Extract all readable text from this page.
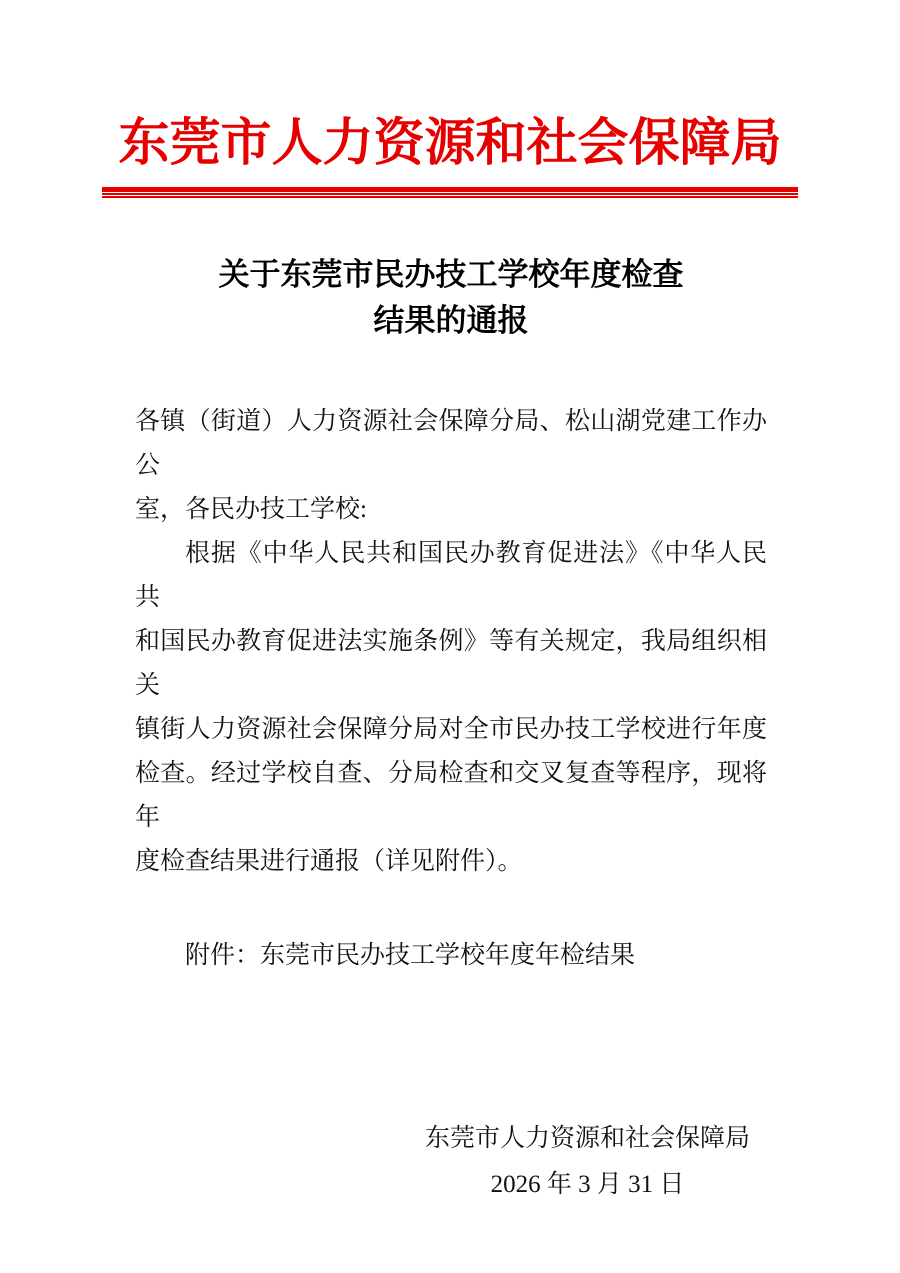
东莞市人力资源和社会保障局
关于东莞市民办技工学校年度检查
结果的通报
各镇（街道）人力资源社会保障分局、松山湖党建工作办公
室，各民办技工学校:
根据《中华人民共和国民办教育促进法》《中华人民共
和国民办教育促进法实施条例》等有关规定，我局组织相关
镇街人力资源社会保障分局对全市民办技工学校进行年度
检查。经过学校自查、分局检查和交叉复查等程序，现将年
度检查结果进行通报（详见附件）。
附件：东莞市民办技工学校年度年检结果
东莞市人力资源和社会保障局
2026 年 3 月 31 日
